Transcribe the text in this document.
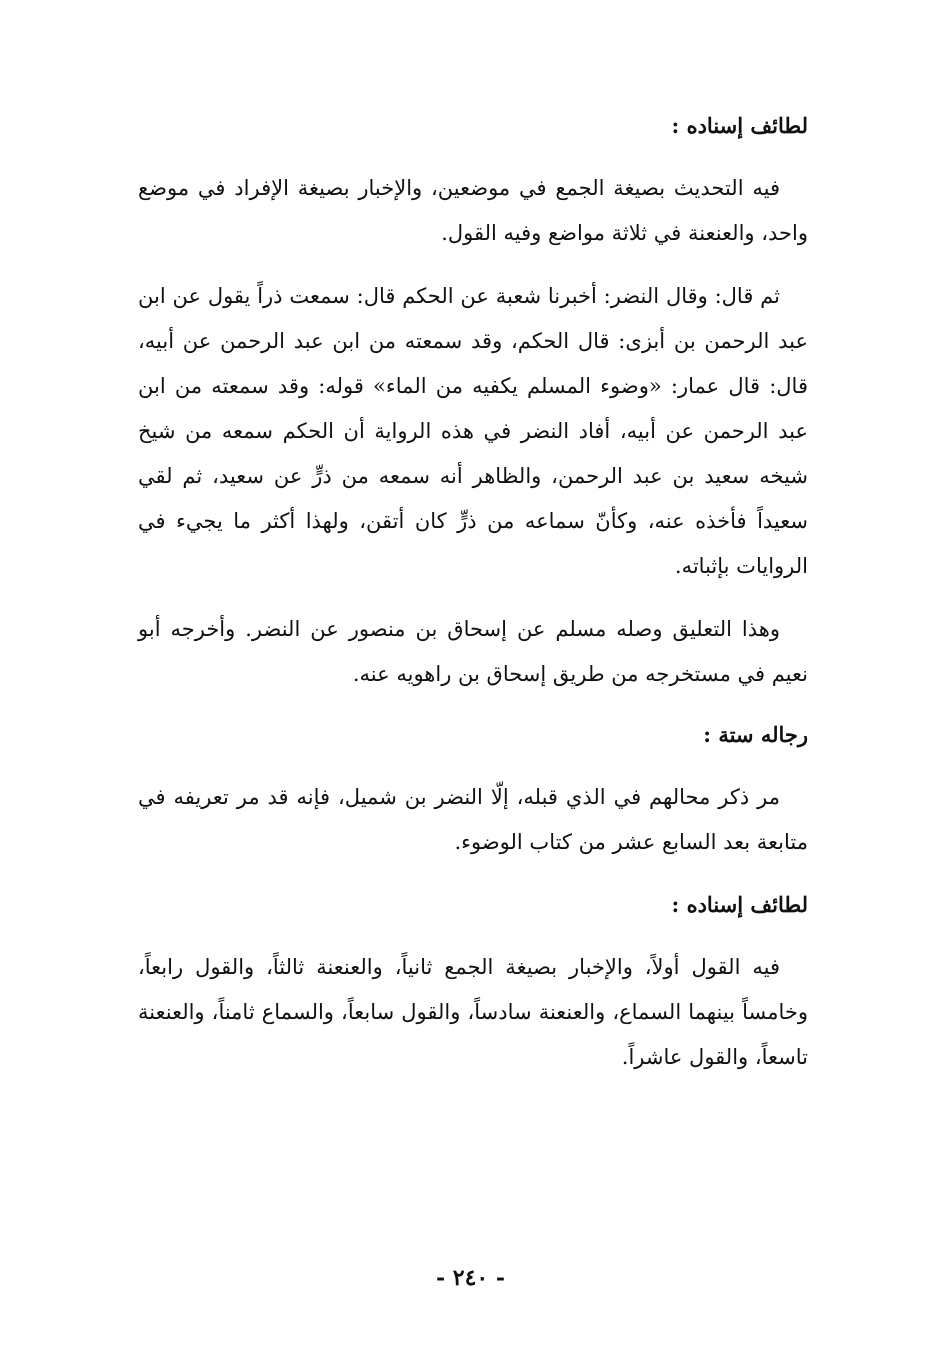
لطائف إسناده :

فيه التحديث بصيغة الجمع في موضعين، والإخبار بصيغة الإفراد في موضع واحد، والعنعنة في ثلاثة مواضع وفيه القول.

ثم قال: وقال النضر: أخبرنا شعبة عن الحكم قال: سمعت ذراً يقول عن ابن عبد الرحمن بن أبزى: قال الحكم، وقد سمعته من ابن عبد الرحمن عن أبيه، قال: قال عمار: «وضوء المسلم يكفيه من الماء» قوله: وقد سمعته من ابن عبد الرحمن عن أبيه، أفاد النضر في هذه الرواية أن الحكم سمعه من شيخ شيخه سعيد بن عبد الرحمن، والظاهر أنه سمعه من ذرٍّ عن سعيد، ثم لقي سعيداً فأخذه عنه، وكأنّ سماعه من ذرٍّ كان أتقن، ولهذا أكثر ما يجيء في الروايات بإثباته.

وهذا التعليق وصله مسلم عن إسحاق بن منصور عن النضر. وأخرجه أبو نعيم في مستخرجه من طريق إسحاق بن راهويه عنه.

رجاله ستة :

مر ذكر محالهم في الذي قبله، إلّا النضر بن شميل، فإنه قد مر تعريفه في متابعة بعد السابع عشر من كتاب الوضوء.

لطائف إسناده :

فيه القول أولاً، والإخبار بصيغة الجمع ثانياً، والعنعنة ثالثاً، والقول رابعاً، وخامساً بينهما السماع، والعنعنة سادساً، والقول سابعاً، والسماع ثامناً، والعنعنة تاسعاً، والقول عاشراً.

- ٢٤٠ -
